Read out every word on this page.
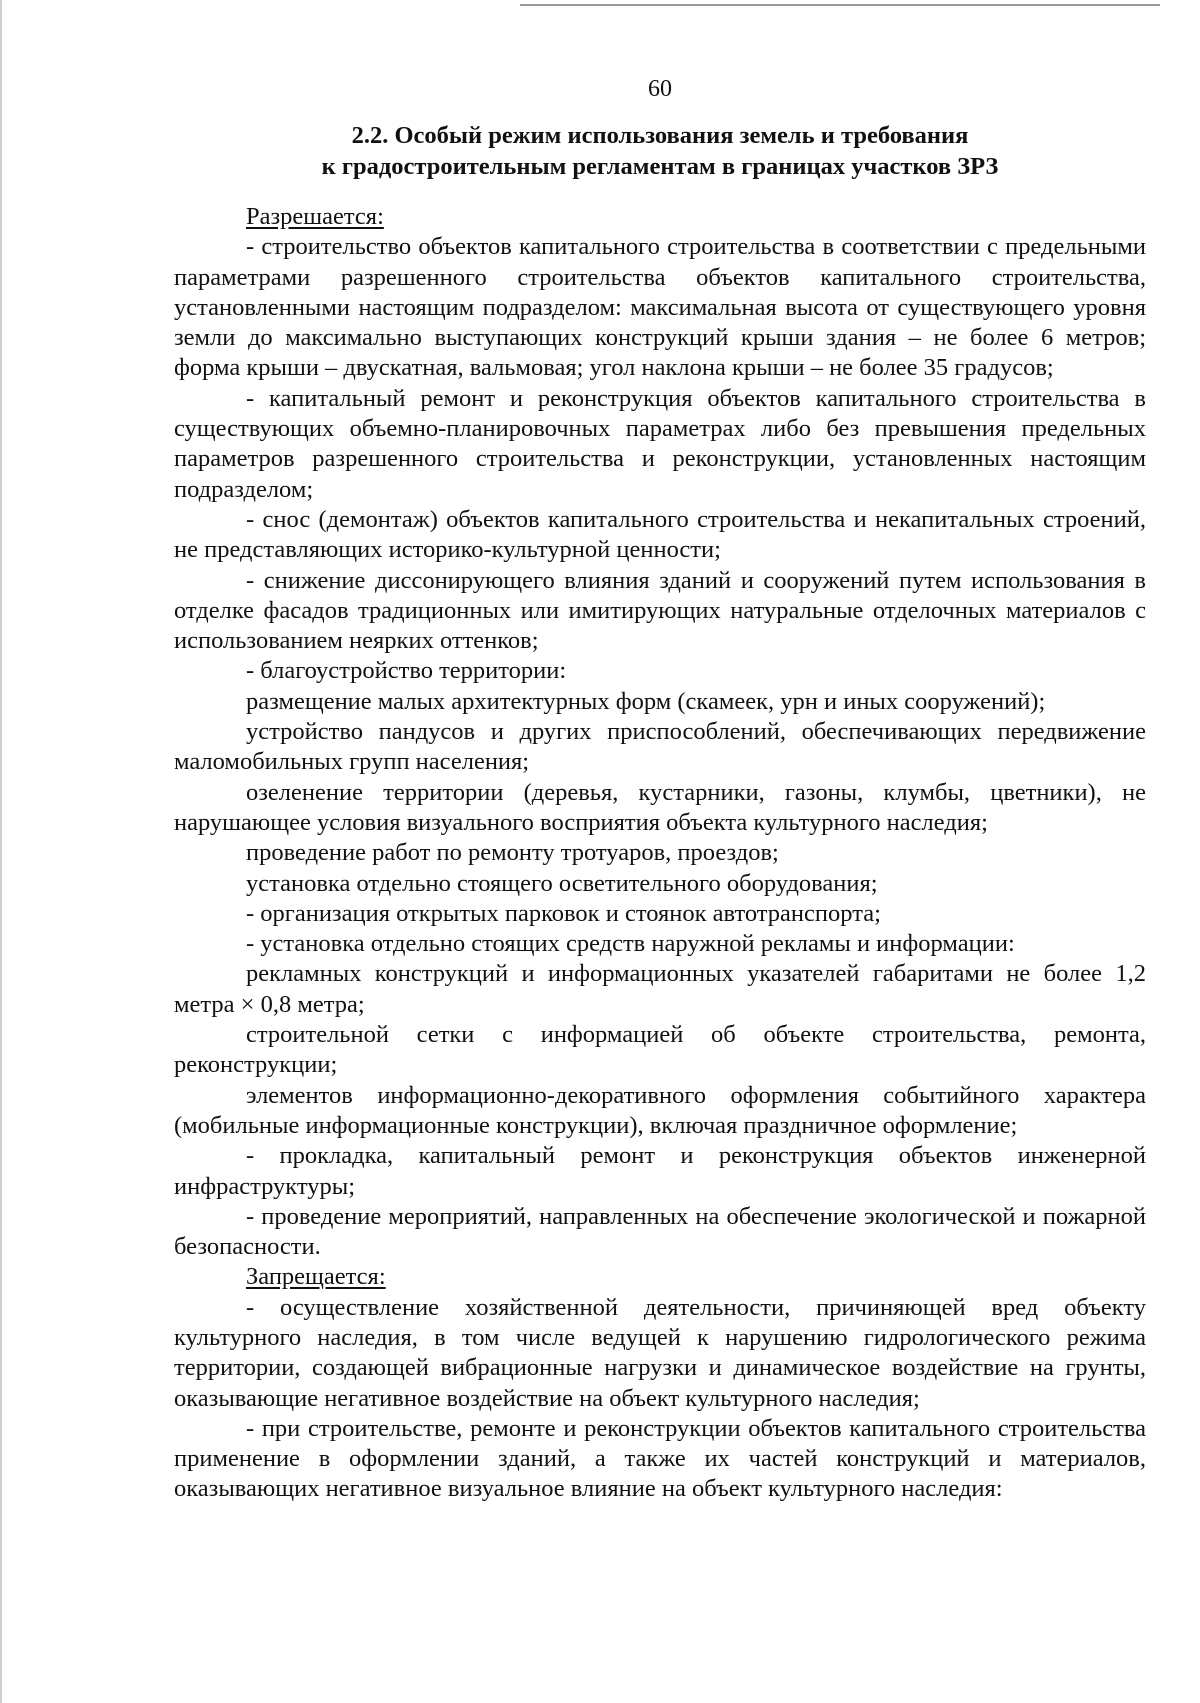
60
2.2. Особый режим использования земель и требования
к градостроительным регламентам в границах участков ЗРЗ

Разрешается:

- строительство объектов капитального строительства в соответствии с предельными параметрами разрешенного строительства объектов капитального строительства, установленными настоящим подразделом: максимальная высота от существующего уровня земли до максимально выступающих конструкций крыши здания – не более 6 метров; форма крыши – двускатная, вальмовая; угол наклона крыши – не более 35 градусов;

- капитальный ремонт и реконструкция объектов капитального строительства в существующих объемно-планировочных параметрах либо без превышения предельных параметров разрешенного строительства и реконструкции, установленных настоящим подразделом;

- снос (демонтаж) объектов капитального строительства и некапитальных строений, не представляющих историко-культурной ценности;

- снижение диссонирующего влияния зданий и сооружений путем использования в отделке фасадов традиционных или имитирующих натуральные отделочных материалов с использованием неярких оттенков;

- благоустройство территории:

размещение малых архитектурных форм (скамеек, урн и иных сооружений);

устройство пандусов и других приспособлений, обеспечивающих передвижение маломобильных групп населения;

озеленение территории (деревья, кустарники, газоны, клумбы, цветники), не нарушающее условия визуального восприятия объекта культурного наследия;

проведение работ по ремонту тротуаров, проездов;

установка отдельно стоящего осветительного оборудования;

- организация открытых парковок и стоянок автотранспорта;

- установка отдельно стоящих средств наружной рекламы и информации:

рекламных конструкций и информационных указателей габаритами не более 1,2 метра × 0,8 метра;

строительной сетки с информацией об объекте строительства, ремонта, реконструкции;

элементов информационно-декоративного оформления событийного характера (мобильные информационные конструкции), включая праздничное оформление;

- прокладка, капитальный ремонт и реконструкция объектов инженерной инфраструктуры;

- проведение мероприятий, направленных на обеспечение экологической и пожарной безопасности.

Запрещается:

- осуществление хозяйственной деятельности, причиняющей вред объекту культурного наследия, в том числе ведущей к нарушению гидрологического режима территории, создающей вибрационные нагрузки и динамическое воздействие на грунты, оказывающие негативное воздействие на объект культурного наследия;

- при строительстве, ремонте и реконструкции объектов капитального строительства применение в оформлении зданий, а также их частей конструкций и материалов, оказывающих негативное визуальное влияние на объект культурного наследия:
